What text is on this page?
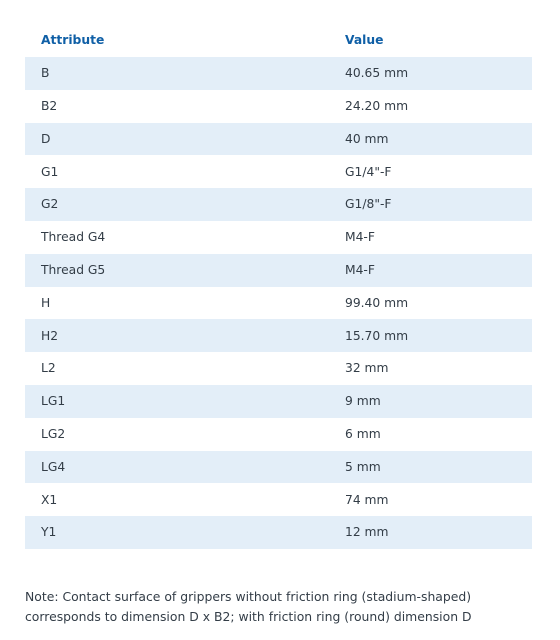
Attribute	Value
B	40.65 mm
B2	24.20 mm
D	40 mm
G1	G1/4"-F
G2	G1/8"-F
Thread G4	M4-F
Thread G5	M4-F
H	99.40 mm
H2	15.70 mm
L2	32 mm
LG1	9 mm
LG2	6 mm
LG4	5 mm
X1	74 mm
Y1	12 mm
Note: Contact surface of grippers without friction ring (stadium-shaped)
corresponds to dimension D x B2; with friction ring (round) dimension D
